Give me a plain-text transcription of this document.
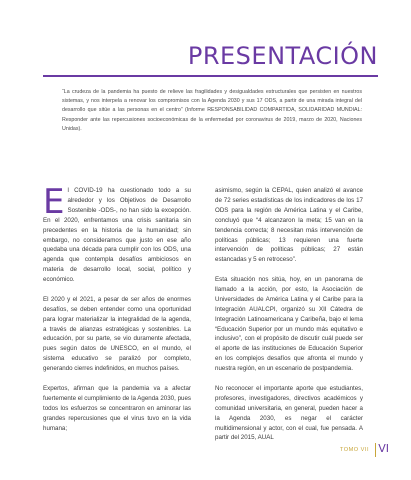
PRESENTACIÓN
“La crudeza de la pandemia ha puesto de relieve las fragilidades y desigualdades estructurales que persisten en nuestros sistemas, y nos interpela a renovar los compromisos con la Agenda 2030 y sus 17 ODS, a partir de una mirada integral del desarrollo que sitúe a las personas en el centro” (Informe RESPONSABILIDAD COMPARTIDA, SOLIDARIDAD MUNDIAL: Responder ante las repercusiones socioeconómicas de la enfermedad por coronavirus de 2019, marzo de 2020, Naciones Unidas).

El COVID-19 ha cuestionado todo a su alrededor y los Objetivos de Desarrollo Sostenible -ODS-, no han sido la excepción. En el 2020, enfrentamos una crisis sanitaria sin precedentes en la historia de la humanidad; sin embargo, no consideramos que justo en ese año quedaba una década para cumplir con los ODS, una agenda que contempla desafíos ambiciosos en materia de desarrollo local, social, político y económico.

El 2020 y el 2021, a pesar de ser años de enormes desafíos, se deben entender como una oportunidad para lograr materializar la integralidad de la agenda, a través de alianzas estratégicas y sostenibles. La educación, por su parte, se vio duramente afectada, pues según datos de UNESCO, en el mundo, el sistema educativo se paralizó por completo, generando cierres indefinidos, en muchos países.

Expertos, afirman que la pandemia va a afectar fuertemente el cumplimiento de la Agenda 2030, pues todos los esfuerzos se concentraron en aminorar las grandes repercusiones que el virus tuvo en la vida humana;

asimismo, según la CEPAL, quien analizó el avance de 72 series estadísticas de los indicadores de los 17 ODS para la región de América Latina y el Caribe, concluyó que “4 alcanzaron la meta; 15 van en la tendencia correcta; 8 necesitan más intervención de políticas públicas; 13 requieren una fuerte intervención de políticas públicas; 27 están estancadas y 5 en retroceso”.

Esta situación nos sitúa, hoy, en un panorama de llamado a la acción, por esto, la Asociación de Universidades de América Latina y el Caribe para la Integración AUALCPI, organizó su XII Cátedra de Integración Latinoamericana y Caribeña, bajo el lema “Educación Superior por un mundo más equitativo e inclusivo”, con el propósito de discutir cuál puede ser el aporte de las instituciones de Educación Superior en los complejos desafíos que afronta el mundo y nuestra región, en un escenario de postpandemia.

No reconocer el importante aporte que estudiantes, profesores, investigadores, directivos académicos y comunidad universitaria, en general, pueden hacer a la Agenda 2030, es negar el carácter multidimensional y actor, con el cual, fue pensada. A partir del 2015, AUAL

TOMO VII VI
